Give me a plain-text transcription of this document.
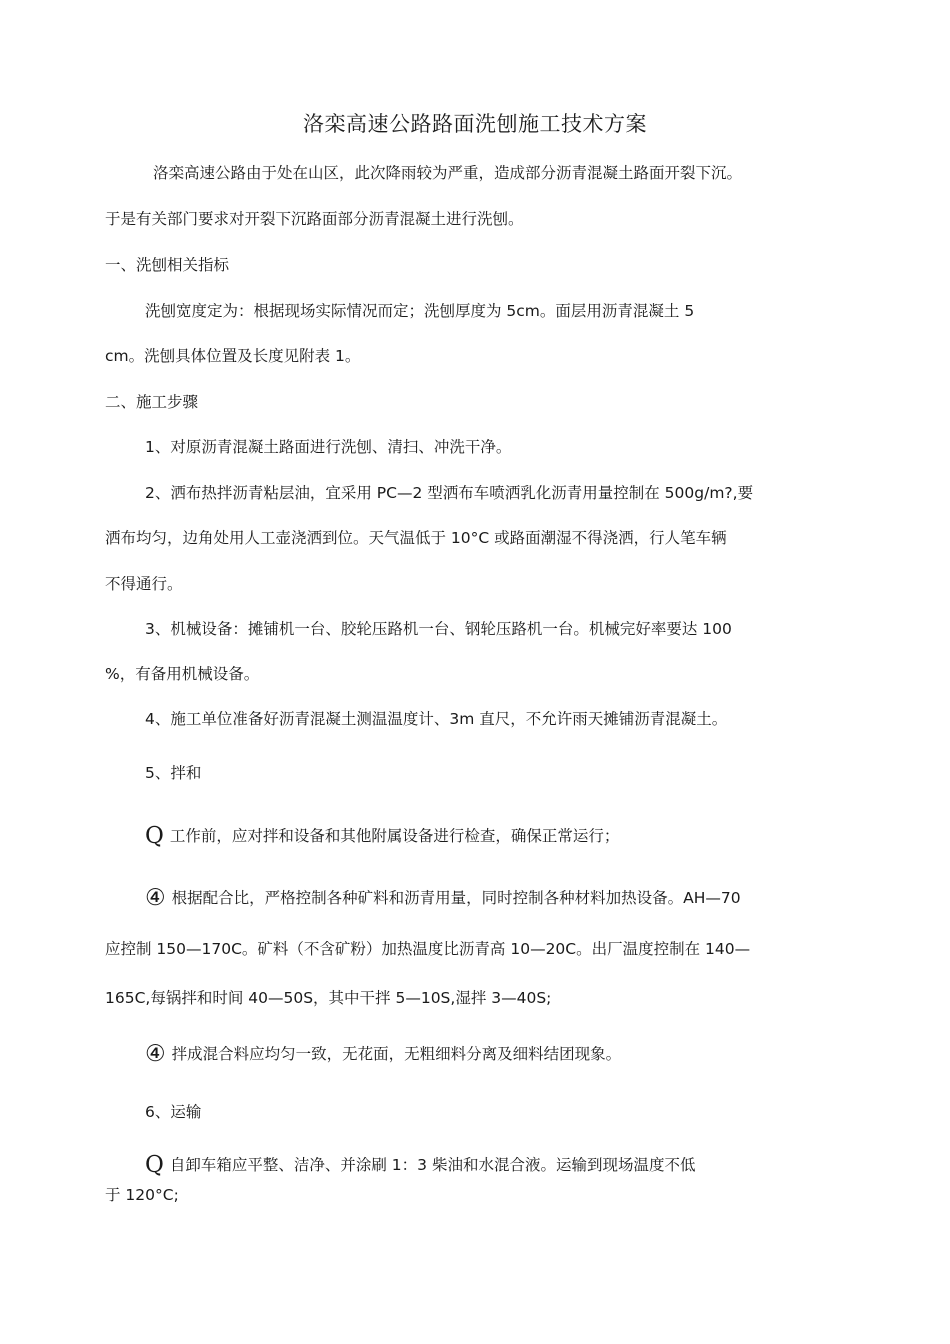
洛栾高速公路路面洗刨施工技术方案

洛栾高速公路由于处在山区，此次降雨较为严重，造成部分沥青混凝土路面开裂下沉。

于是有关部门要求对开裂下沉路面部分沥青混凝土进行洗刨。

一、洗刨相关指标

洗刨宽度定为：根据现场实际情况而定；洗刨厚度为 5cm。面层用沥青混凝土 5

cm。洗刨具体位置及长度见附表 1。

二、施工步骤

1、对原沥青混凝土路面进行洗刨、清扫、冲洗干净。

2、洒布热拌沥青粘层油，宜采用 PC—2 型洒布车喷洒乳化沥青用量控制在 500g/m?,要

洒布均匀，边角处用人工壶浇洒到位。天气温低于 10°C 或路面潮湿不得浇洒，行人笔车辆

不得通行。

3、机械设备：摊铺机一台、胶轮压路机一台、钢轮压路机一台。机械完好率要达 100

%，有备用机械设备。

4、施工单位准备好沥青混凝土测温温度计、3m 直尺，不允许雨天摊铺沥青混凝土。

5、拌和

Q 工作前，应对拌和设备和其他附属设备进行检查，确保正常运行；

④ 根据配合比，严格控制各种矿料和沥青用量，同时控制各种材料加热设备。AH—70

应控制 150—170C。矿料（不含矿粉）加热温度比沥青高 10—20C。出厂温度控制在 140—

165C,每锅拌和时间 40—50S，其中干拌 5—10S,湿拌 3—40S;

④ 拌成混合料应均匀一致，无花面，无粗细料分离及细料结团现象。

6、运输

Q 自卸车箱应平整、洁净、并涂刷 1：3 柴油和水混合液。运输到现场温度不低

于 120°C;
